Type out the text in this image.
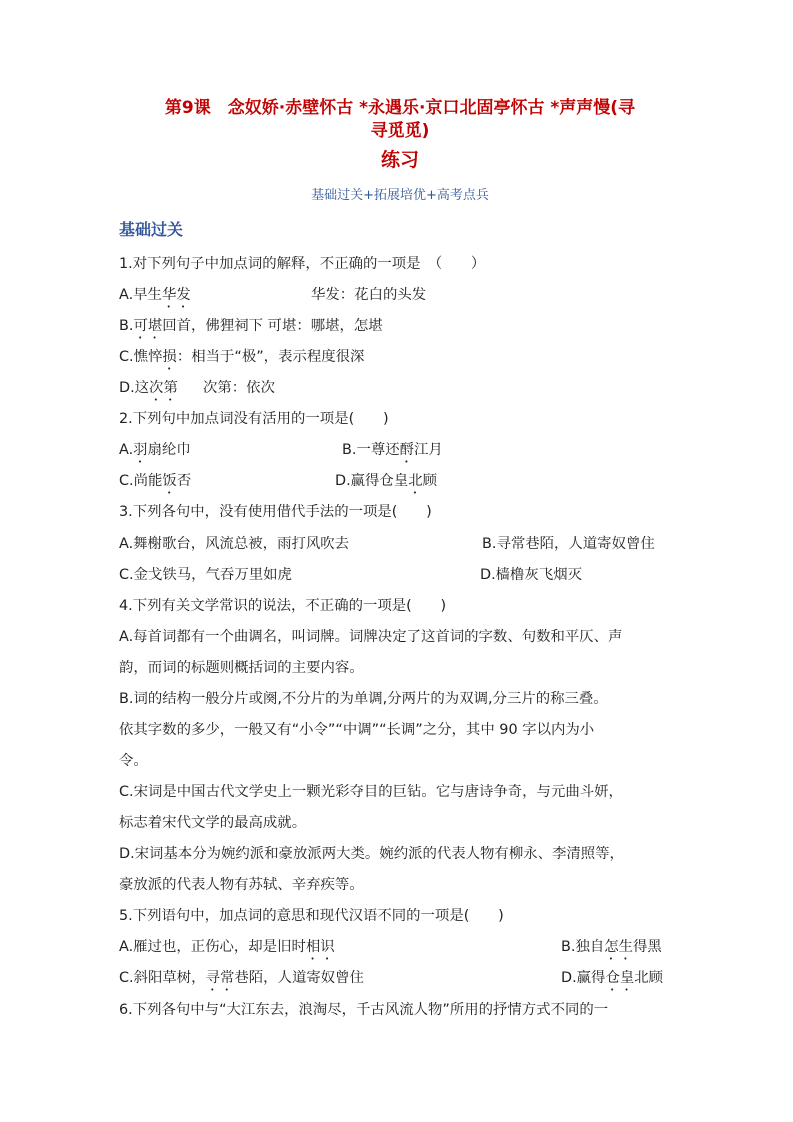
第9课　念奴娇·赤壁怀古 *永遇乐·京口北固亭怀古 *声声慢(寻
寻觅觅)
练习
基础过关+拓展培优+高考点兵
基础过关
1.对下列句子中加点词的解释，不正确的一项是　（　　）
A.早生华发	华发：花白的头发
B.可堪回首，佛狸祠下 可堪：哪堪，怎堪
C.憔悴损：相当于“极”，表示程度很深
D.这次第 次第：依次
2.下列句中加点词没有活用的一项是(　　)
A.羽扇纶巾	B.一尊还酹江月
C.尚能饭否	D.赢得仓皇北顾
3.下列各句中，没有使用借代手法的一项是(　　)
A.舞榭歌台，风流总被，雨打风吹去	B.寻常巷陌，人道寄奴曾住
C.金戈铁马，气吞万里如虎	D.樯橹灰飞烟灭
4.下列有关文学常识的说法，不正确的一项是(　　)
A.每首词都有一个曲调名，叫词牌。词牌决定了这首词的字数、句数和平仄、声
韵，而词的标题则概括词的主要内容。
B.词的结构一般分片或阕,不分片的为单调,分两片的为双调,分三片的称三叠。
依其字数的多少，一般又有“小令”“中调”“长调”之分，其中 90 字以内为小
令。
C.宋词是中国古代文学史上一颗光彩夺目的巨钻。它与唐诗争奇，与元曲斗妍，
标志着宋代文学的最高成就。
D.宋词基本分为婉约派和豪放派两大类。婉约派的代表人物有柳永、李清照等，
豪放派的代表人物有苏轼、辛弃疾等。
5.下列语句中，加点词的意思和现代汉语不同的一项是(　　)
A.雁过也，正伤心，却是旧时相识	B.独自怎生得黑
C.斜阳草树，寻常巷陌，人道寄奴曾住	D.赢得仓皇北顾
6.下列各句中与“大江东去，浪淘尽，千古风流人物”所用的抒情方式不同的一
